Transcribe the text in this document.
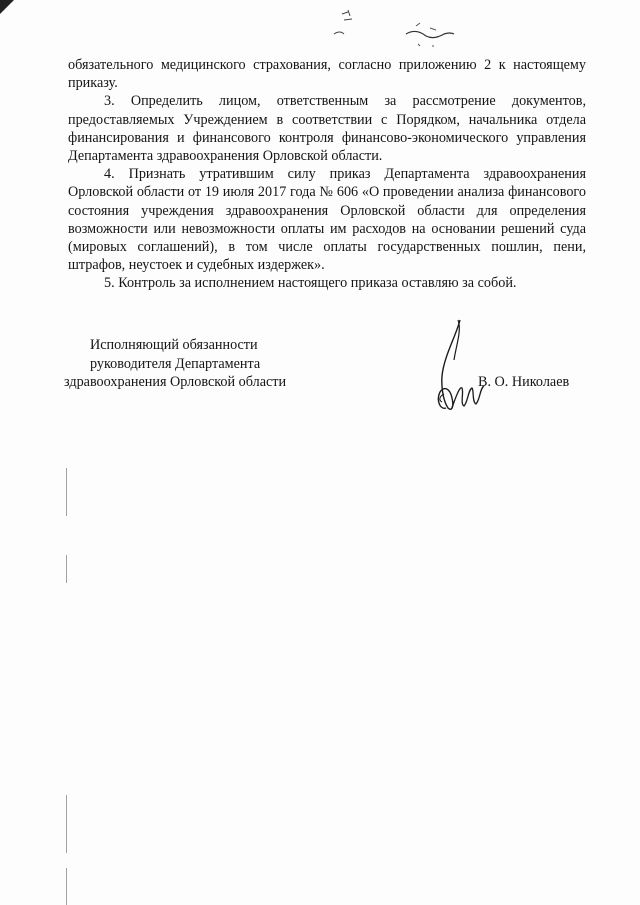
обязательного медицинского страхования, согласно приложению 2 к настоящему приказу.

3. Определить лицом, ответственным за рассмотрение документов, предоставляемых Учреждением в соответствии с Порядком, начальника отдела финансирования и финансового контроля финансово-экономического управления Департамента здравоохранения Орловской области.

4. Признать утратившим силу приказ Департамента здравоохранения Орловской области от 19 июля 2017 года № 606 «О проведении анализа финансового состояния учреждения здравоохранения Орловской области для определения возможности или невозможности оплаты им расходов на основании решений суда (мировых соглашений), в том числе оплаты государственных пошлин, пени, штрафов, неустоек и судебных издержек».

5. Контроль за исполнением настоящего приказа оставляю за собой.

Исполняющий обязанности
руководителя Департамента
здравоохранения Орловской области	В. О. Николаев
